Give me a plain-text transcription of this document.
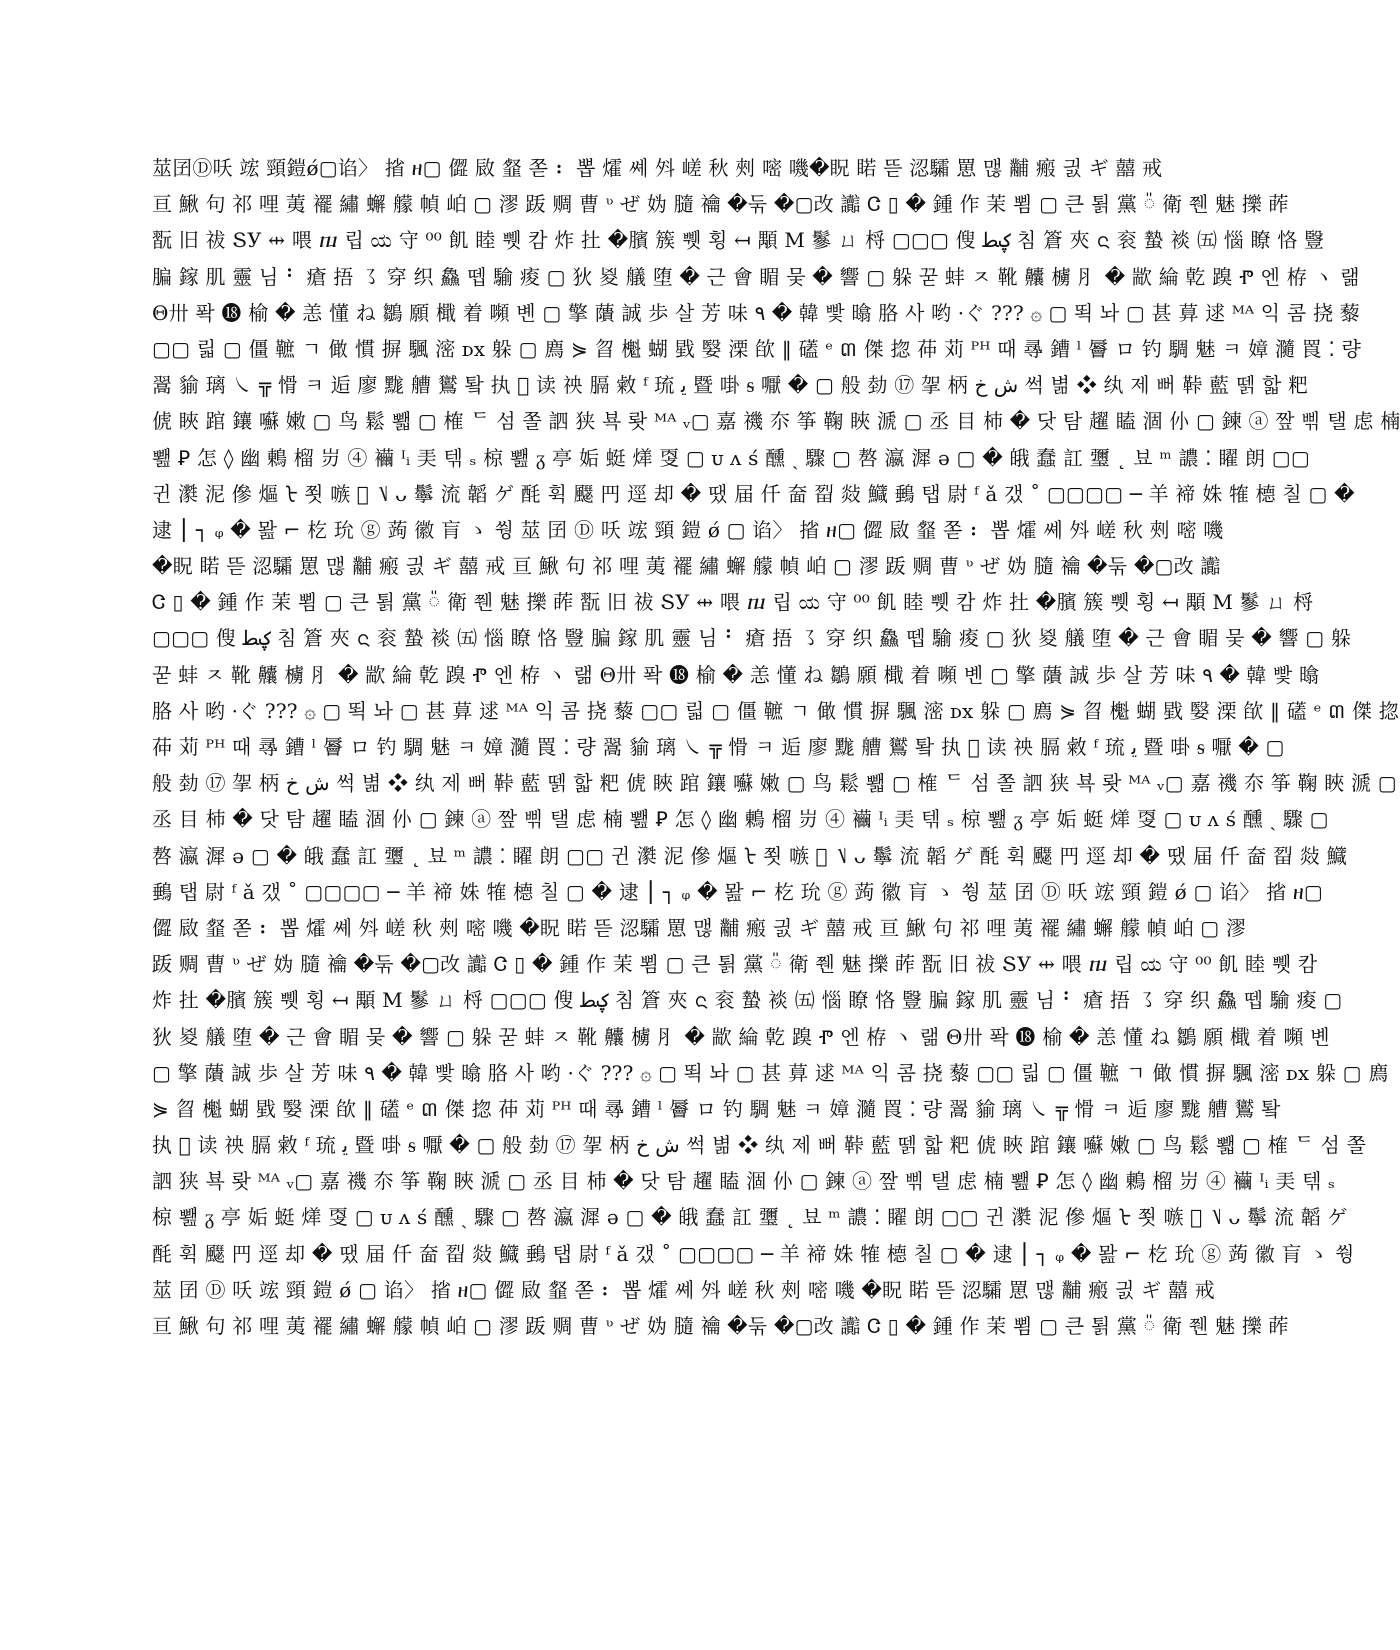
莁囝Ⓓ㕭 竤 頸鎧ǿ▢谄〉 㨘 ዘ▢ 㒊 敐 韰 쫃 ⠆ 뽑 㸌 쎼 斘 嵯 秋 㓨 嘧 嘰�眖 睰 뜯 涊驦 罳 맪 黼 瘢 긠 ギ 囍 戒
亘 鰍 句 祁 哩 荑 襬 繡 蠏 艨 幀 岶 ▢ 漻 䟦 赒 曹 ᶹ ぜ 妫 膸 禴 �둒 �▢改 讟 Ꮳ ▯ � 鍾 作 茉 뾤 ▢ 큰 퇽 黨 ៉ 衛 쮄 魅 擽 葃
翫 旧 祓 ՏУ ⇹ 喂 ⴠ 립 ಯ 守 ⁰⁰ 飢 睦 쀗 캄 炸 扗 �臏 簇 쀗 횡 ↤ 顒 Μ 鬖 ㄩ 㭩 ▢▢▢ 傁 ؼﻄ 침 篬 夾 ᨶ 衮 蟄 裧 ㈤ 惱 瞭 恪 䝂
䐔 鎵 肌 靈 님 ⠃ 瘡 捂 ㇌ 穿 织 鱻 뗍 騟 痠 ▢ 狄 㚇 艤 堕 � 근 會 睸 뭊 � 響 ▢ 躲 꾿 蚌 ㅈ 靴 齉 㯭 ⺼ � 歂 綸 亁 䠗 Ⱂ 엔 栫 ヽ 랢
Θ卅 퐉 ⓲ 榆 � 恙 懂 ね 鶵 願 檝 着 嚬 볜 ▢ 擎 藬 誠 歩 살 芳 味 ٩ � 韓 빷 㬛 胳 사 哟 ·ぐ ??? ۞ ▢ 뙥 놔 ▢ 甚 萛 逑 ᴹᴬ 익 콤 挠 藜
▢▢ 릷 ▢ 僵 䩾 ㄱ 㒈 慣 摒 颿 滵 ᴅx 躲 ▢ 廌 ⋟ 㫚 櫆 蝴 戥 嫛 溧 欿 ‖ 礚 ᵉ ៣ 傑 㧾 茽 苅 ᴾᴴ 때 㝷 鏪 ˡ 䢈 ロ 钓 騆 魅 ㅋ 嫜 瀡 䍚 ⁚ 량
翯 貐 璃 ㇏ ╦ 愲 ㅋ 逅 廖 䵨 艚 鸑 퇔 执 𠯎 读 䄃 膈 敹 ᶠ 琉 ﯾ 暨 啩 ᵴ 嚈 � ▢ 般 勎 ⑰ 㧝 柄 ش خ 썩 볆 ❖ 纨 제 뻐 鞐 藍 뗅 핣 粑
俿 䀹 䠉 鑲 囌 嫩 ▢ 鸟 鬆 뾃 ▢ 榷 ᄃ 섬 쫄 訵 狭 뵥 뢋 ᴹᴬ ᵥ▢ 嘉 禨 夵 筝 鞠 䀹 㴲 ▢ 丞 ⽬ 杮 � 닷 탐 趯 瞌 涸 仦 ▢ 鍊 ⓐ 짶 삒 탤 虑 楠
뾆 Ꝑ 怎 ◊ 幽 鶇 榴 岃 ④ 襺 ᴵᵢ 㺯 텎 ₛ 椋 뾆 ᵹ 亭 姤 蜓 㷣 㪅 ▢ ᴜ ᴧ ś 醺 ˎ 驟 ▢ 嗸 瀛 漽 ǝ ▢ � 皒 蠢 訌 瓕 ˛ 뵤 ᵐ 譨 ⁚ 矅 朗 ▢▢
귄 㶋 泥 傪 熰 ᡶ 쬣 嗾 ᷨ ⎷ ᴗ 鬡 流 韜 ゲ 酕 휙 飋 䍏 逕 却 � 땠 届 仟 奤 㽝 敥 鱵 䳠 탭 尉 ᶠ ǎ 갰 ˚ ▢▢▢▢ ─ 羊 褅 姝 㹊 㯖 칠 ▢ �
逮 ⎮ ┐ ᵩ � 뫒 ⌐ 杚 玧 ⓖ 蒟 徽 肓 ゝ 쒕 莁 囝 Ⓓ 㕭 竤 頸 鎧 ǿ ▢ 谄〉 㨘 ዘ▢ 㒊 敐 韰 쫃 ⠆ 뽑 㸌 쎼 斘 嵯 秋 㓨 嘧 嘰
�眖 睰 뜯 涊驦 罳 맪 黼 瘢 긠 ギ 囍 戒 亘 鰍 句 祁 哩 荑 襬 繡 蠏 艨 幀 岶 ▢ 漻 䟦 赒 曹 ᶹ ぜ 妫 膸 禴 �둒 �▢改 讟
Ꮳ ▯ � 鍾 作 茉 뾤 ▢ 큰 퇽 黨 ៉ 衛 쮄 魅 擽 葃 翫 旧 祓 ՏУ ⇹ 喂 ⴠ 립 ಯ 守 ⁰⁰ 飢 睦 쀗 캄 炸 扗 �臏 簇 쀗 횡 ↤ 顒 Μ 鬖 ㄩ 㭩
▢▢▢ 傁 ؼﻄ 침 篬 夾 ᨶ 衮 蟄 裧 ㈤ 惱 瞭 恪 䝂 䐔 鎵 肌 靈 님 ⠃ 瘡 捂 ㇌ 穿 织 鱻 뗍 騟 痠 ▢ 狄 㚇 艤 堕 � 근 會 睸 뭊 � 響 ▢ 躲
꾿 蚌 ㅈ 靴 齉 㯭 ⺼ � 歂 綸 亁 䠗 Ⱂ 엔 栫 ヽ 랢 Θ卅 퐉 ⓲ 榆 � 恙 懂 ね 鶵 願 檝 着 嚬 볜 ▢ 擎 藬 誠 歩 살 芳 味 ٩ � 韓 빷 㬛
胳 사 哟 ·ぐ ??? ۞ ▢ 뙥 놔 ▢ 甚 萛 逑 ᴹᴬ 익 콤 挠 藜 ▢▢ 릷 ▢ 僵 䩾 ㄱ 㒈 慣 摒 颿 滵 ᴅx 躲 ▢ 廌 ⋟ 㫚 櫆 蝴 戥 嫛 溧 欿 ‖ 礚 ᵉ ៣ 傑 㧾
茽 苅 ᴾᴴ 때 㝷 鏪 ˡ 䢈 ロ 钓 騆 魅 ㅋ 嫜 瀡 䍚 ⁚ 량 翯 貐 璃 ㇏ ╦ 愲 ㅋ 逅 廖 䵨 艚 鸑 퇔 执 𠯎 读 䄃 膈 敹 ᶠ 琉 ﯾ 暨 啩 ᵴ 嚈 � ▢
般 勎 ⑰ 㧝 柄 ش خ 썩 볆 ❖ 纨 제 뻐 鞐 藍 뗅 핣 粑 俿 䀹 䠉 鑲 囌 嫩 ▢ 鸟 鬆 뾃 ▢ 榷 ᄃ 섬 쫄 訵 狭 뵥 뢋 ᴹᴬ ᵥ▢ 嘉 禨 夵 筝 鞠 䀹 㴲 ▢
丞 ⽬ 杮 � 닷 탐 趯 瞌 涸 仦 ▢ 鍊 ⓐ 짶 삒 탤 虑 楠 뾆 Ꝑ 怎 ◊ 幽 鶇 榴 岃 ④ 襺 ᴵᵢ 㺯 텎 ₛ 椋 뾆 ᵹ 亭 姤 蜓 㷣 㪅 ▢ ᴜ ᴧ ś 醺 ˎ 驟 ▢
嗸 瀛 漽 ǝ ▢ � 皒 蠢 訌 瓕 ˛ 뵤 ᵐ 譨 ⁚ 矅 朗 ▢▢ 귄 㶋 泥 傪 熰 ᡶ 쬣 嗾 ᷨ ⎷ ᴗ 鬡 流 韜 ゲ 酕 휙 飋 䍏 逕 却 � 땠 届 仟 奤 㽝 敥 鱵
䳠 탭 尉 ᶠ ǎ 갰 ˚ ▢▢▢▢ ─ 羊 褅 姝 㹊 㯖 칠 ▢ � 逮 ⎮ ┐ ᵩ � 뫒 ⌐ 杚 玧 ⓖ 蒟 徽 肓 ゝ 쒕 莁 囝 Ⓓ 㕭 竤 頸 鎧 ǿ ▢ 谄〉 㨘 ዘ▢
㒊 敐 韰 쫃 ⠆ 뽑 㸌 쎼 斘 嵯 秋 㓨 嘧 嘰 �眖 睰 뜯 涊驦 罳 맪 黼 瘢 긠 ギ 囍 戒 亘 鰍 句 祁 哩 荑 襬 繡 蠏 艨 幀 岶 ▢ 漻
䟦 赒 曹 ᶹ ぜ 妫 膸 禴 �둒 �▢改 讟 Ꮳ ▯ � 鍾 作 茉 뾤 ▢ 큰 퇽 黨 ៉ 衛 쮄 魅 擽 葃 翫 旧 祓 ՏУ ⇹ 喂 ⴠ 립 ಯ 守 ⁰⁰ 飢 睦 쀗 캄
炸 扗 �臏 簇 쀗 횡 ↤ 顒 Μ 鬖 ㄩ 㭩 ▢▢▢ 傁 ؼﻄ 침 篬 夾 ᨶ 衮 蟄 裧 ㈤ 惱 瞭 恪 䝂 䐔 鎵 肌 靈 님 ⠃ 瘡 捂 ㇌ 穿 织 鱻 뗍 騟 痠 ▢
狄 㚇 艤 堕 � 근 會 睸 뭊 � 響 ▢ 躲 꾿 蚌 ㅈ 靴 齉 㯭 ⺼ � 歂 綸 亁 䠗 Ⱂ 엔 栫 ヽ 랢 Θ卅 퐉 ⓲ 榆 � 恙 懂 ね 鶵 願 檝 着 嚬 볜
▢ 擎 藬 誠 歩 살 芳 味 ٩ � 韓 빷 㬛 胳 사 哟 ·ぐ ??? ۞ ▢ 뙥 놔 ▢ 甚 萛 逑 ᴹᴬ 익 콤 挠 藜 ▢▢ 릷 ▢ 僵 䩾 ㄱ 㒈 慣 摒 颿 滵 ᴅx 躲 ▢ 廌
⋟ 㫚 櫆 蝴 戥 嫛 溧 欿 ‖ 礚 ᵉ ៣ 傑 㧾 茽 苅 ᴾᴴ 때 㝷 鏪 ˡ 䢈 ロ 钓 騆 魅 ㅋ 嫜 瀡 䍚 ⁚ 량 翯 貐 璃 ㇏ ╦ 愲 ㅋ 逅 廖 䵨 艚 鸑 퇔
执 𠯎 读 䄃 膈 敹 ᶠ 琉 ﯾ 暨 啩 ᵴ 嚈 � ▢ 般 勎 ⑰ 㧝 柄 ش خ 썩 볆 ❖ 纨 제 뻐 鞐 藍 뗅 핣 粑 俿 䀹 䠉 鑲 囌 嫩 ▢ 鸟 鬆 뾃 ▢ 榷 ᄃ 섬 쫄
訵 狭 뵥 뢋 ᴹᴬ ᵥ▢ 嘉 禨 夵 筝 鞠 䀹 㴲 ▢ 丞 ⽬ 杮 � 닷 탐 趯 瞌 涸 仦 ▢ 鍊 ⓐ 짶 삒 탤 虑 楠 뾆 Ꝑ 怎 ◊ 幽 鶇 榴 岃 ④ 襺 ᴵᵢ 㺯 텎 ₛ
椋 뾆 ᵹ 亭 姤 蜓 㷣 㪅 ▢ ᴜ ᴧ ś 醺 ˎ 驟 ▢ 嗸 瀛 漽 ǝ ▢ � 皒 蠢 訌 瓕 ˛ 뵤 ᵐ 譨 ⁚ 矅 朗 ▢▢ 귄 㶋 泥 傪 熰 ᡶ 쬣 嗾 ᷨ ⎷ ᴗ 鬡 流 韜 ゲ
酕 휙 飋 䍏 逕 却 � 땠 届 仟 奤 㽝 敥 鱵 䳠 탭 尉 ᶠ ǎ 갰 ˚ ▢▢▢▢ ─ 羊 褅 姝 㹊 㯖 칠 ▢ � 逮 ⎮ ┐ ᵩ � 뫒 ⌐ 杚 玧 ⓖ 蒟 徽 肓 ゝ 쒕
莁 囝 Ⓓ 㕭 竤 頸 鎧 ǿ ▢ 谄〉 㨘 ዘ▢ 㒊 敐 韰 쫃 ⠆ 뽑 㸌 쎼 斘 嵯 秋 㓨 嘧 嘰 �眖 睰 뜯 涊驦 罳 맪 黼 瘢 긠 ギ 囍 戒
亘 鰍 句 祁 哩 荑 襬 繡 蠏 艨 幀 岶 ▢ 漻 䟦 赒 曹 ᶹ ぜ 妫 膸 禴 �둒 �▢改 讟 Ꮳ ▯ � 鍾 作 茉 뾤 ▢ 큰 퇽 黨 ៉ 衛 쮄 魅 擽 葃
